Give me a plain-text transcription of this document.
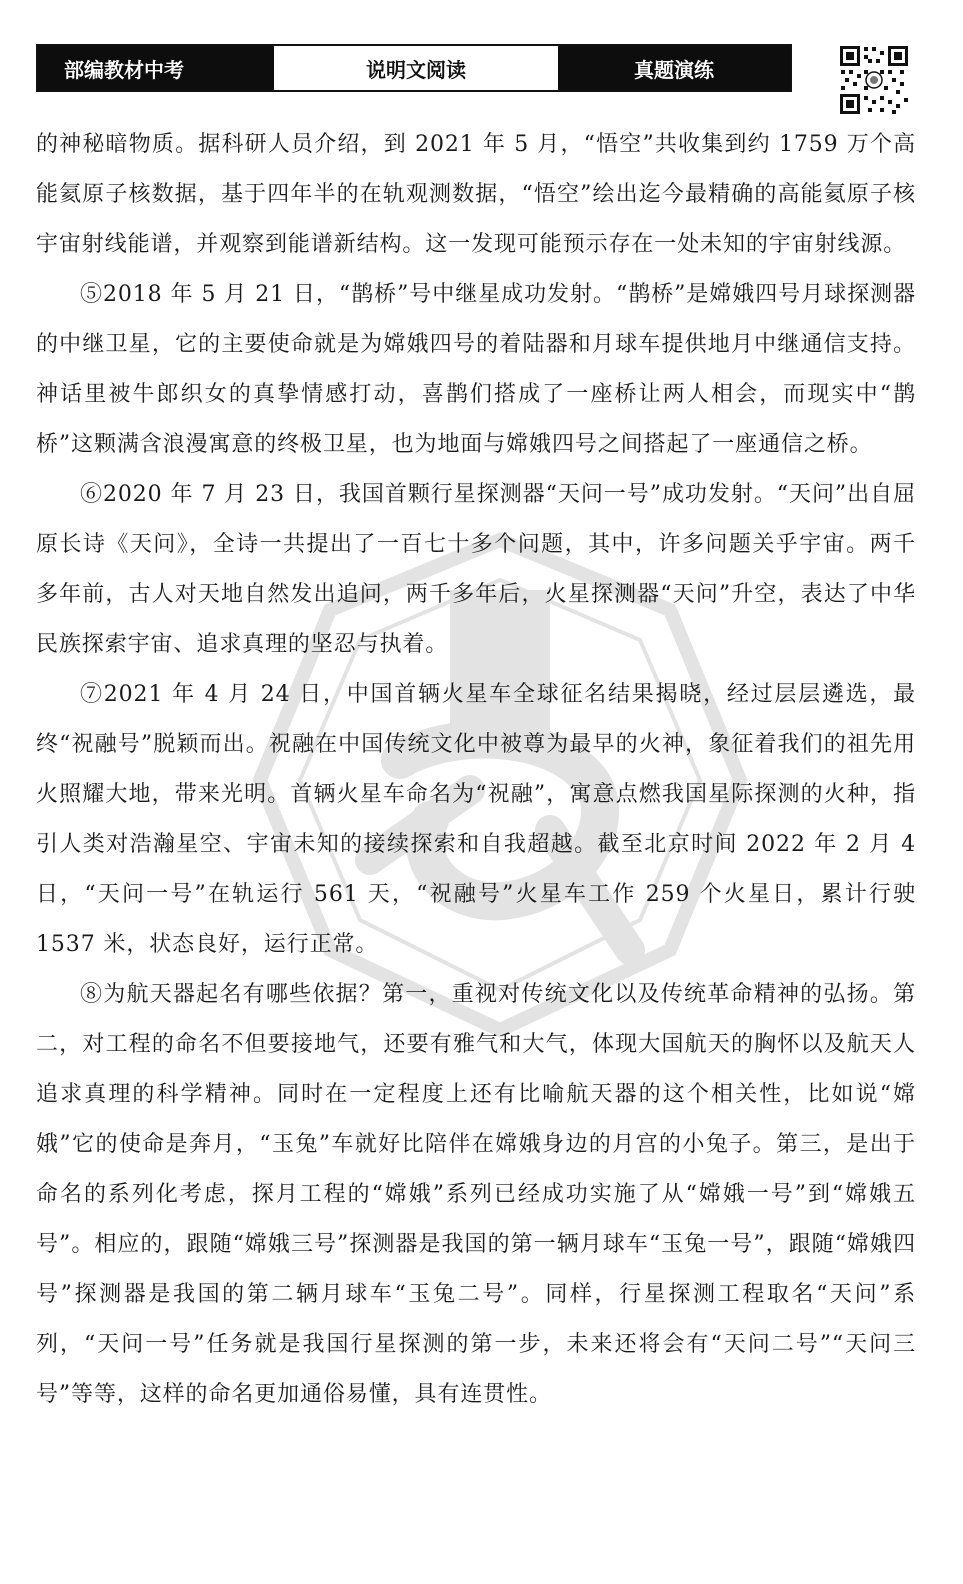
部编教材中考	说明文阅读	真题演练

的神秘暗物质。据科研人员介绍，到 2021 年 5 月，“悟空”共收集到约 1759 万个高能氦原子核数据，基于四年半的在轨观测数据，“悟空”绘出迄今最精确的高能氦原子核宇宙射线能谱，并观察到能谱新结构。这一发现可能预示存在一处未知的宇宙射线源。

⑤2018 年 5 月 21 日，“鹊桥”号中继星成功发射。“鹊桥”是嫦娥四号月球探测器的中继卫星，它的主要使命就是为嫦娥四号的着陆器和月球车提供地月中继通信支持。神话里被牛郎织女的真挚情感打动，喜鹊们搭成了一座桥让两人相会，而现实中“鹊桥”这颗满含浪漫寓意的终极卫星，也为地面与嫦娥四号之间搭起了一座通信之桥。

⑥2020 年 7 月 23 日，我国首颗行星探测器“天问一号”成功发射。“天问”出自屈原长诗《天问》，全诗一共提出了一百七十多个问题，其中，许多问题关乎宇宙。两千多年前，古人对天地自然发出追问，两千多年后，火星探测器“天问”升空，表达了中华民族探索宇宙、追求真理的坚忍与执着。

⑦2021 年 4 月 24 日，中国首辆火星车全球征名结果揭晓，经过层层遴选，最终“祝融号”脱颖而出。祝融在中国传统文化中被尊为最早的火神，象征着我们的祖先用火照耀大地，带来光明。首辆火星车命名为“祝融”，寓意点燃我国星际探测的火种，指引人类对浩瀚星空、宇宙未知的接续探索和自我超越。截至北京时间 2022 年 2 月 4 日，“天问一号”在轨运行 561 天，“祝融号”火星车工作 259 个火星日，累计行驶 1537 米，状态良好，运行正常。

⑧为航天器起名有哪些依据？第一，重视对传统文化以及传统革命精神的弘扬。第二，对工程的命名不但要接地气，还要有雅气和大气，体现大国航天的胸怀以及航天人追求真理的科学精神。同时在一定程度上还有比喻航天器的这个相关性，比如说“嫦娥”它的使命是奔月，“玉兔”车就好比陪伴在嫦娥身边的月宫的小兔子。第三，是出于命名的系列化考虑，探月工程的“嫦娥”系列已经成功实施了从“嫦娥一号”到“嫦娥五号”。相应的，跟随“嫦娥三号”探测器是我国的第一辆月球车“玉兔一号”，跟随“嫦娥四号”探测器是我国的第二辆月球车“玉兔二号”。同样，行星探测工程取名“天问”系列，“天问一号”任务就是我国行星探测的第一步，未来还将会有“天问二号”“天问三号”等等，这样的命名更加通俗易懂，具有连贯性。
